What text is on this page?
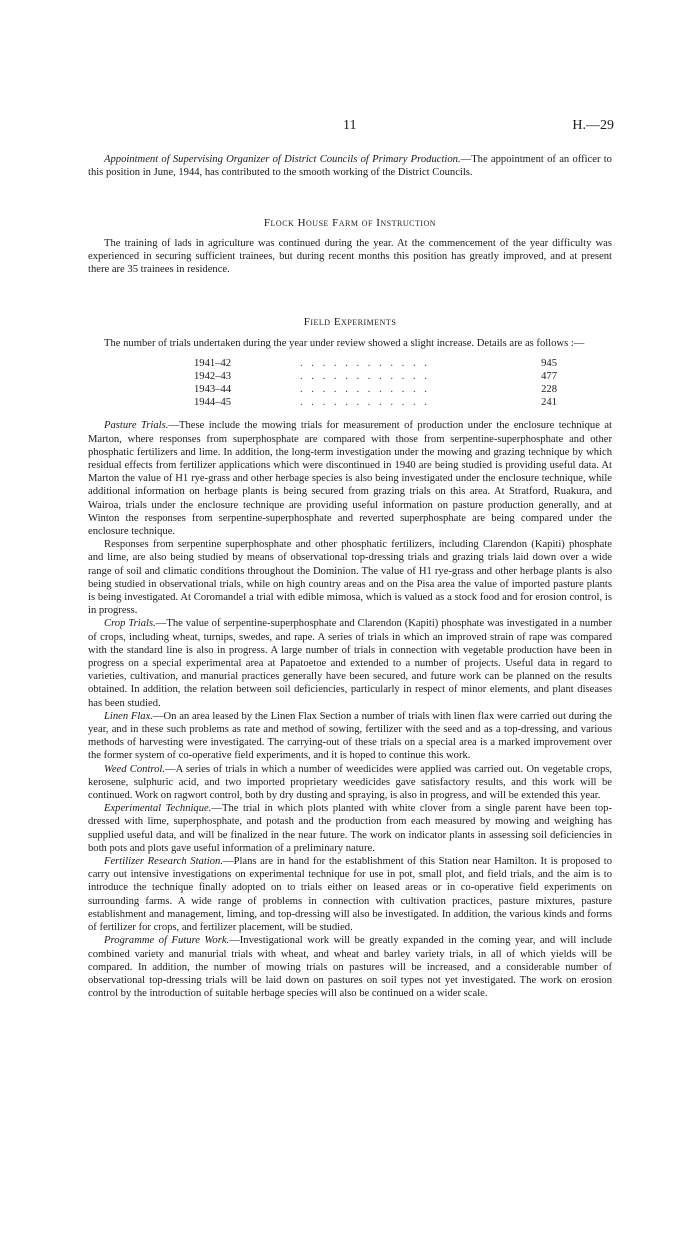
11	H.—29

Appointment of Supervising Organizer of District Councils of Primary Production.—The appointment of an officer to this position in June, 1944, has contributed to the smooth working of the District Councils.

Flock House Farm of Instruction

The training of lads in agriculture was continued during the year. At the commencement of the year difficulty was experienced in securing sufficient trainees, but during recent months this position has greatly improved, and at present there are 35 trainees in residence.

Field Experiments

The number of trials undertaken during the year under review showed a slight increase. Details are as follows :—

1941–42	. . . . . . . . . . . .	945
1942–43	. . . . . . . . . . . .	477
1943–44	. . . . . . . . . . . .	228
1944–45	. . . . . . . . . . . .	241

Pasture Trials.—These include the mowing trials for measurement of production under the enclosure technique at Marton, where responses from superphosphate are compared with those from serpentine-superphosphate and other phosphatic fertilizers and lime. In addition, the long-term investigation under the mowing and grazing technique by which residual effects from fertilizer applications which were discontinued in 1940 are being studied is providing useful data. At Marton the value of H1 rye-grass and other herbage species is also being investigated under the enclosure technique, while additional information on herbage plants is being secured from grazing trials on this area. At Stratford, Ruakura, and Wairoa, trials under the enclosure technique are providing useful information on pasture production generally, and at Winton the responses from serpentine-superphosphate and reverted superphosphate are being compared under the enclosure technique.

Responses from serpentine superphosphate and other phosphatic fertilizers, including Clarendon (Kapiti) phosphate and lime, are also being studied by means of observational top-dressing trials and grazing trials laid down over a wide range of soil and climatic conditions throughout the Dominion. The value of H1 rye-grass and other herbage plants is also being studied in observational trials, while on high country areas and on the Pisa area the value of imported pasture plants is being investigated. At Coromandel a trial with edible mimosa, which is valued as a stock food and for erosion control, is in progress.

Crop Trials.—The value of serpentine-superphosphate and Clarendon (Kapiti) phosphate was investigated in a number of crops, including wheat, turnips, swedes, and rape. A series of trials in which an improved strain of rape was compared with the standard line is also in progress. A large number of trials in connection with vegetable production have been in progress on a special experimental area at Papatoetoe and extended to a number of projects. Useful data in regard to varieties, cultivation, and manurial practices generally have been secured, and future work can be planned on the results obtained. In addition, the relation between soil deficiencies, particularly in respect of minor elements, and plant diseases has been studied.

Linen Flax.—On an area leased by the Linen Flax Section a number of trials with linen flax were carried out during the year, and in these such problems as rate and method of sowing, fertilizer with the seed and as a top-dressing, and various methods of harvesting were investigated. The carrying-out of these trials on a special area is a marked improvement over the former system of co-operative field experiments, and it is hoped to continue this work.

Weed Control.—A series of trials in which a number of weedicides were applied was carried out. On vegetable crops, kerosene, sulphuric acid, and two imported proprietary weedicides gave satisfactory results, and this work will be continued. Work on ragwort control, both by dry dusting and spraying, is also in progress, and will be extended this year.

Experimental Technique.—The trial in which plots planted with white clover from a single parent have been top-dressed with lime, superphosphate, and potash and the production from each measured by mowing and weighing has supplied useful data, and will be finalized in the near future. The work on indicator plants in assessing soil deficiencies in both pots and plots gave useful information of a preliminary nature.

Fertilizer Research Station.—Plans are in hand for the establishment of this Station near Hamilton. It is proposed to carry out intensive investigations on experimental technique for use in pot, small plot, and field trials, and the aim is to introduce the technique finally adopted on to trials either on leased areas or in co-operative field experiments on surrounding farms. A wide range of problems in connection with cultivation practices, pasture mixtures, pasture establishment and management, liming, and top-dressing will also be investigated. In addition, the various kinds and forms of fertilizer for crops, and fertilizer placement, will be studied.

Programme of Future Work.—Investigational work will be greatly expanded in the coming year, and will include combined variety and manurial trials with wheat, and wheat and barley variety trials, in all of which yields will be compared. In addition, the number of mowing trials on pastures will be increased, and a considerable number of observational top-dressing trials will be laid down on pastures on soil types not yet investigated. The work on erosion control by the introduction of suitable herbage species will also be continued on a wider scale.
